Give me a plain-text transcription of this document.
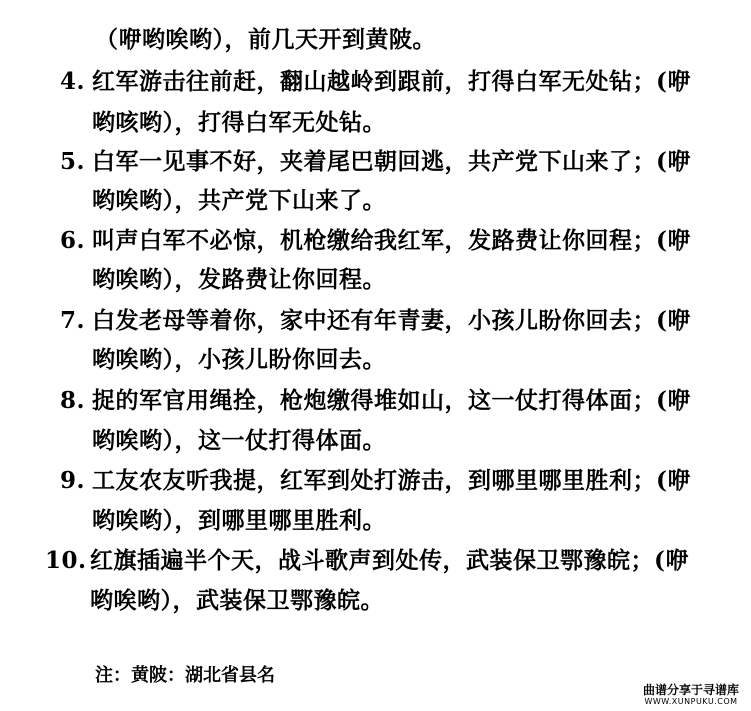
（咿哟唉哟），前几天开到黄陂。
4. 红军游击往前赶，翻山越岭到跟前，打得白军无处钻；(咿
哟咳哟），打得白军无处钻。
5. 白军一见事不好，夹着尾巴朝回逃，共产党下山来了；(咿
哟唉哟），共产党下山来了。
6. 叫声白军不必惊，机枪缴给我红军，发路费让你回程；(咿
哟唉哟），发路费让你回程。
7. 白发老母等着你，家中还有年青妻，小孩儿盼你回去；(咿
哟唉哟），小孩儿盼你回去。
8. 捉的军官用绳拴，枪炮缴得堆如山，这一仗打得体面；(咿
哟唉哟），这一仗打得体面。
9. 工友农友听我提，红军到处打游击，到哪里哪里胜利；(咿
哟唉哟），到哪里哪里胜利。
10. 红旗插遍半个天，战斗歌声到处传，武装保卫鄂豫皖；(咿
哟唉哟），武装保卫鄂豫皖。
注：黄陂：湖北省县名
曲谱分享于寻谱库
WWW.XUNPUKU.COM
